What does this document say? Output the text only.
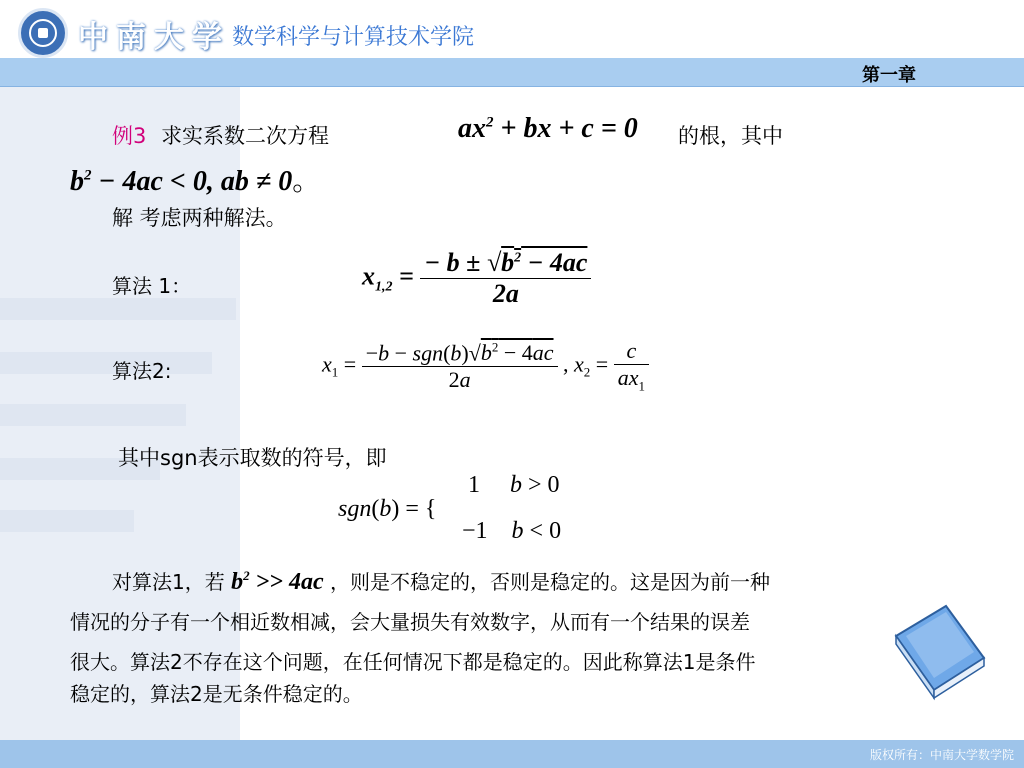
中南大学 数学科学与计算技术学院
第一章
例3 求实系数二次方程	$ax^2$ + bx + c = 0 的根，其中
$b^2 - 4ac < 0$, ab ≠ 0。
解 考虑两种解法。
算法 1：	$x_{1,2} = \frac{- b \pm √b^2 - 4ac}{2a}$
算法2:	$x_1 = \frac{-b - sgn(b)√b^2 - 4ac}{2a}$ , $x_2 = \frac{c}{ax_1}$
其中sgn表示取数的符号，即
sgn(b) = {
1     b > 0
−1    b < 0
对算法1，若 $b^2 >> 4ac$ ，则是不稳定的，否则是稳定的。这是因为前一种
情况的分子有一个相近数相减，会大量损失有效数字，从而有一个结果的误差
很大。算法2不存在这个问题，在任何情况下都是稳定的。因此称算法1是条件
稳定的，算法2是无条件稳定的。
版权所有：中南大学数学院
